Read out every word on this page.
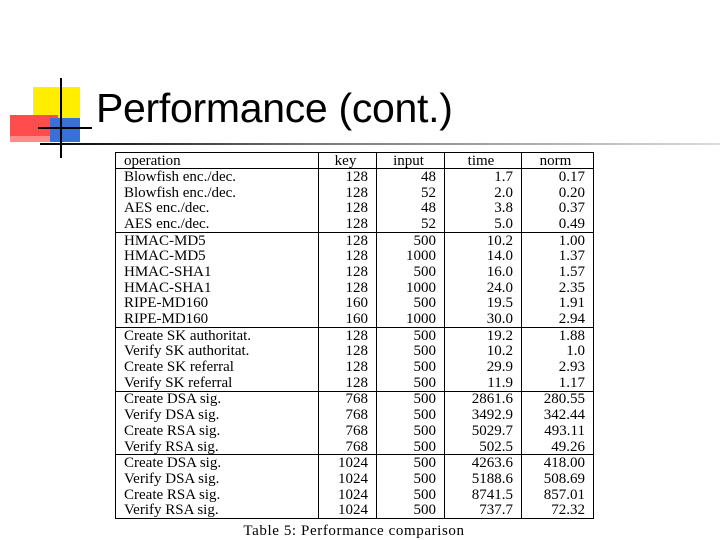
Performance (cont.)
operation	key	input	time	norm
Blowfish enc./dec.	128	48	1.7	0.17
Blowfish enc./dec.	128	52	2.0	0.20
AES enc./dec.	128	48	3.8	0.37
AES enc./dec.	128	52	5.0	0.49
HMAC-MD5	128	500	10.2	1.00
HMAC-MD5	128	1000	14.0	1.37
HMAC-SHA1	128	500	16.0	1.57
HMAC-SHA1	128	1000	24.0	2.35
RIPE-MD160	160	500	19.5	1.91
RIPE-MD160	160	1000	30.0	2.94
Create SK authoritat.	128	500	19.2	1.88
Verify SK authoritat.	128	500	10.2	1.0
Create SK referral	128	500	29.9	2.93
Verify SK referral	128	500	11.9	1.17
Create DSA sig.	768	500	2861.6	280.55
Verify DSA sig.	768	500	3492.9	342.44
Create RSA sig.	768	500	5029.7	493.11
Verify RSA sig.	768	500	502.5	49.26
Create DSA sig.	1024	500	4263.6	418.00
Verify DSA sig.	1024	500	5188.6	508.69
Create RSA sig.	1024	500	8741.5	857.01
Verify RSA sig.	1024	500	737.7	72.32

Table 5: Performance comparison
